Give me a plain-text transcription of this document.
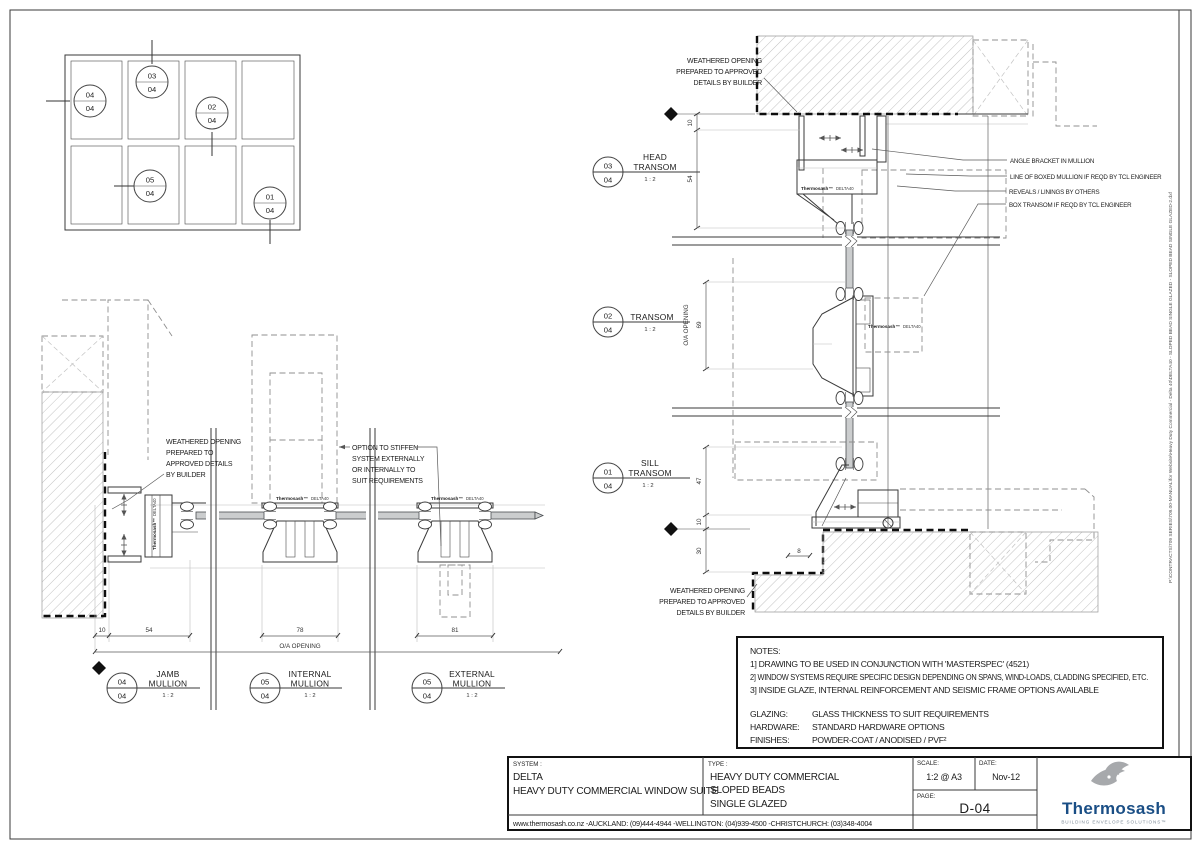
P:\CONTRACTS\709 SERIES\709.00-MANUAL\for Website\Heavy Duty Commercial - Delta 40\DELTA40 - SLOPED BEAD SINGLE GLAZED - SLOPED BEAD SINGLE GLAZED-2.dxf
04
04
03
04
02
04
05
04	01
04
Thermosash™
DELTA40	Thermosash™ DELTA40	Thermosash™ DELTA40
WEATHERED OPENING
PREPARED TO
APPROVED DETAILS
BY BUILDER
OPTION TO STIFFEN
SYSTEM EXTERNALLY
OR INTERNALLY TO
SUIT REQUIREMENTS
10	54	78	81
O/A OPENING
04
04
JAMB
MULLION
1 : 2
05
04
INTERNAL
MULLION
1 : 2
05
04
EXTERNAL
MULLION
1 : 2
Thermosash™ DELTA40
Thermosash™ DELTA40
10
54
69
O/A OPENING
47
10
30	8
ANGLE BRACKET IN MULLION
LINE OF BOXED MULLION IF REQD BY TCL ENGINEER
REVEALS / LININGS BY OTHERS
BOX TRANSOM IF REQD BY TCL ENGINEER
WEATHERED OPENING
PREPARED TO APPROVED
DETAILS BY BUILDER
WEATHERED OPENING
PREPARED TO APPROVED
DETAILS BY BUILDER
03
04
HEAD
TRANSOM
1 : 2
02
04
TRANSOM
1 : 2
01
04
SILL
TRANSOM
1 : 2
NOTES:
1] DRAWING TO BE USED IN CONJUNCTION WITH 'MASTERSPEC' (4521)
2] WINDOW SYSTEMS REQUIRE SPECIFIC DESIGN DEPENDING ON SPANS, WIND-LOADS, CLADDING SPECIFIED, ETC.
3] INSIDE GLAZE, INTERNAL REINFORCEMENT AND SEISMIC FRAME OPTIONS AVAILABLE
GLAZING:	GLASS THICKNESS TO SUIT REQUIREMENTS
HARDWARE: STANDARD HARDWARE OPTIONS
FINISHES:	POWDER-COAT / ANODISED / PVF²
SYSTEM :
DELTA
HEAVY DUTY COMMERCIAL WINDOW SUITE
TYPE :
HEAVY DUTY COMMERCIAL
SLOPED BEADS
SINGLE GLAZED
SCALE:
1:2 @ A3
DATE:
Nov-12
PAGE:
D-04
www.thermosash.co.nz -AUCKLAND: (09)444-4944 -WELLINGTON: (04)939-4500 -CHRISTCHURCH: (03)348-4004
Thermosash
BUILDING ENVELOPE SOLUTIONS™
